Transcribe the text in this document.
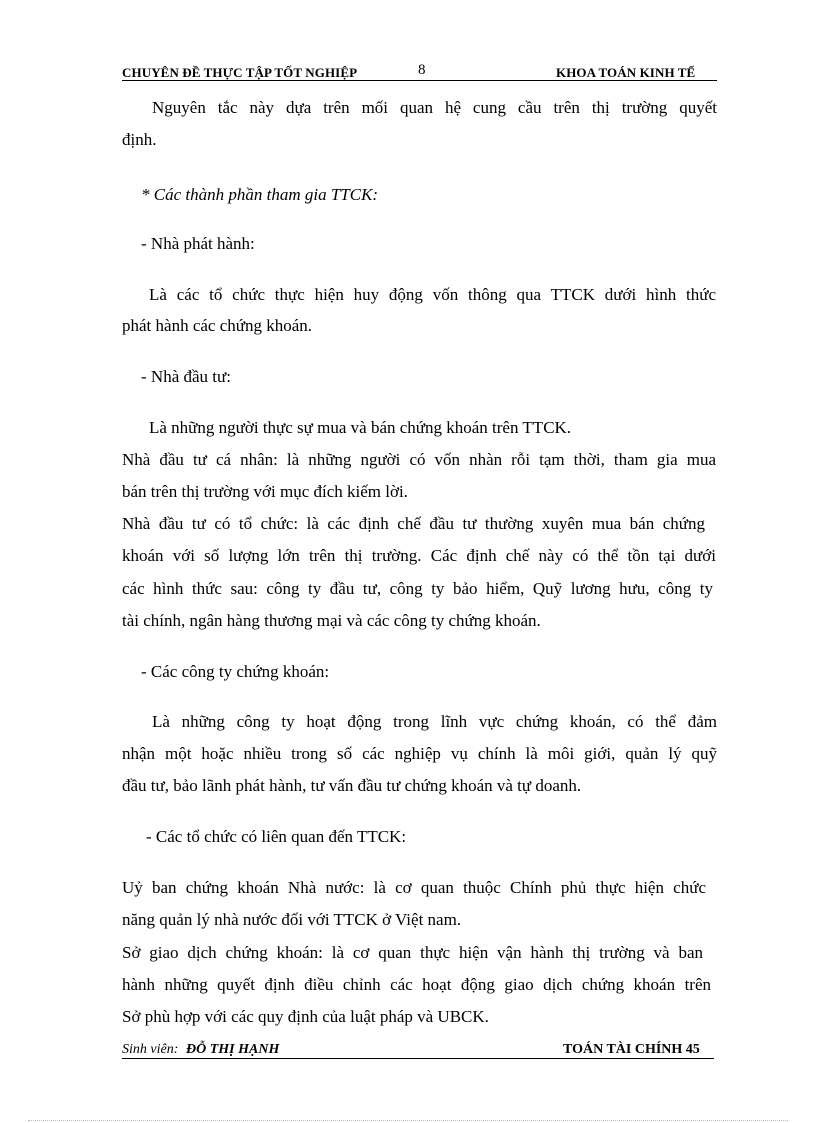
CHUYÊN ĐỀ THỰC TẬP TỐT NGHIỆP	8	KHOA TOÁN KINH TẾ
Nguyên tắc này dựa trên mối quan hệ cung cầu trên thị trường quyết
định.
* Các thành phần tham gia TTCK:
- Nhà phát hành:
Là các tổ chức thực hiện huy động vốn thông qua TTCK dưới hình thức
phát hành các chứng khoán.
- Nhà đầu tư:
Là những người thực sự mua và bán chứng khoán trên TTCK.
Nhà đầu tư cá nhân: là những người có vốn nhàn rỗi tạm thời, tham gia mua
bán trên thị trường với mục đích kiếm lời.
Nhà đầu tư có tổ chức: là các định chế đầu tư thường xuyên mua bán chứng
khoán với số lượng lớn trên thị trường. Các định chế này có thể tồn tại dưới
các hình thức sau: công ty đầu tư, công ty bảo hiểm, Quỹ lương hưu, công ty
tài chính, ngân hàng thương mại và các công ty chứng khoán.
- Các công ty chứng khoán:
Là những công ty hoạt động trong lĩnh vực chứng khoán, có thể đảm
nhận một hoặc nhiều trong số các nghiệp vụ chính là môi giới, quản lý quỹ
đầu tư, bảo lãnh phát hành, tư vấn đầu tư chứng khoán và tự doanh.
- Các tổ chức có liên quan đến TTCK:
Uỷ ban chứng khoán Nhà nước: là cơ quan thuộc Chính phủ thực hiện chức
năng quản lý nhà nước đối với TTCK ở Việt nam.
Sở giao dịch chứng khoán: là cơ quan thực hiện vận hành thị trường và ban
hành những quyết định điều chỉnh các hoạt động giao dịch chứng khoán trên
Sở phù hợp với các quy định của luật pháp và UBCK.
Sinh viên: ĐỖ THỊ HẠNH	TOÁN TÀI CHÍNH 45
